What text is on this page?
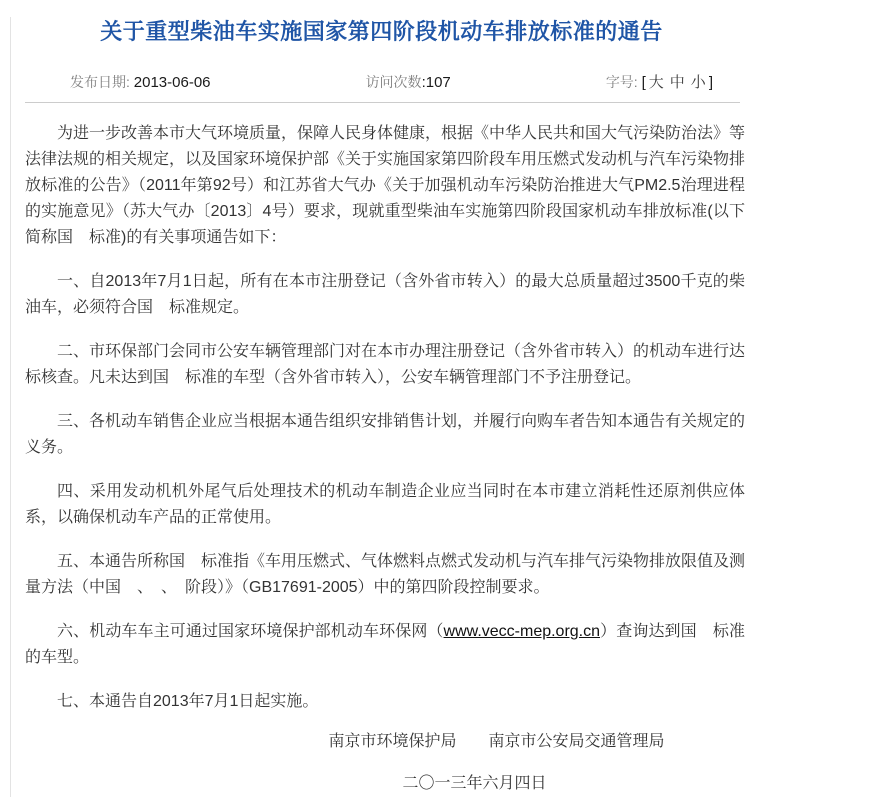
关于重型柴油车实施国家第四阶段机动车排放标准的通告
发布日期: 2013-06-06	访问次数:107	字号: [ 大 中 小 ]

为进一步改善本市大气环境质量，保障人民身体健康，根据《中华人民共和国大气污染防治法》等法律法规的相关规定，以及国家环境保护部《关于实施国家第四阶段车用压燃式发动机与汽车污染物排放标准的公告》（2011年第92号）和江苏省大气办《关于加强机动车污染防治推进大气PM2.5治理进程的实施意见》（苏大气办〔2013〕4号）要求，现就重型柴油车实施第四阶段国家机动车排放标准(以下简称国　标准)的有关事项通告如下：

一、自2013年7月1日起，所有在本市注册登记（含外省市转入）的最大总质量超过3500千克的柴油车，必须符合国　标准规定。

二、市环保部门会同市公安车辆管理部门对在本市办理注册登记（含外省市转入）的机动车进行达标核查。凡未达到国　标准的车型（含外省市转入），公安车辆管理部门不予注册登记。

三、各机动车销售企业应当根据本通告组织安排销售计划，并履行向购车者告知本通告有关规定的义务。

四、采用发动机机外尾气后处理技术的机动车制造企业应当同时在本市建立消耗性还原剂供应体系，以确保机动车产品的正常使用。

五、本通告所称国　标准指《车用压燃式、气体燃料点燃式发动机与汽车排气污染物排放限值及测量方法（中国　、　、　阶段）》（GB17691-2005）中的第四阶段控制要求。

六、机动车车主可通过国家环境保护部机动车环保网（www.vecc-mep.org.cn）查询达到国　标准的车型。

七、本通告自2013年7月1日起实施。

南京市环境保护局　　南京市公安局交通管理局
二〇一三年六月四日
